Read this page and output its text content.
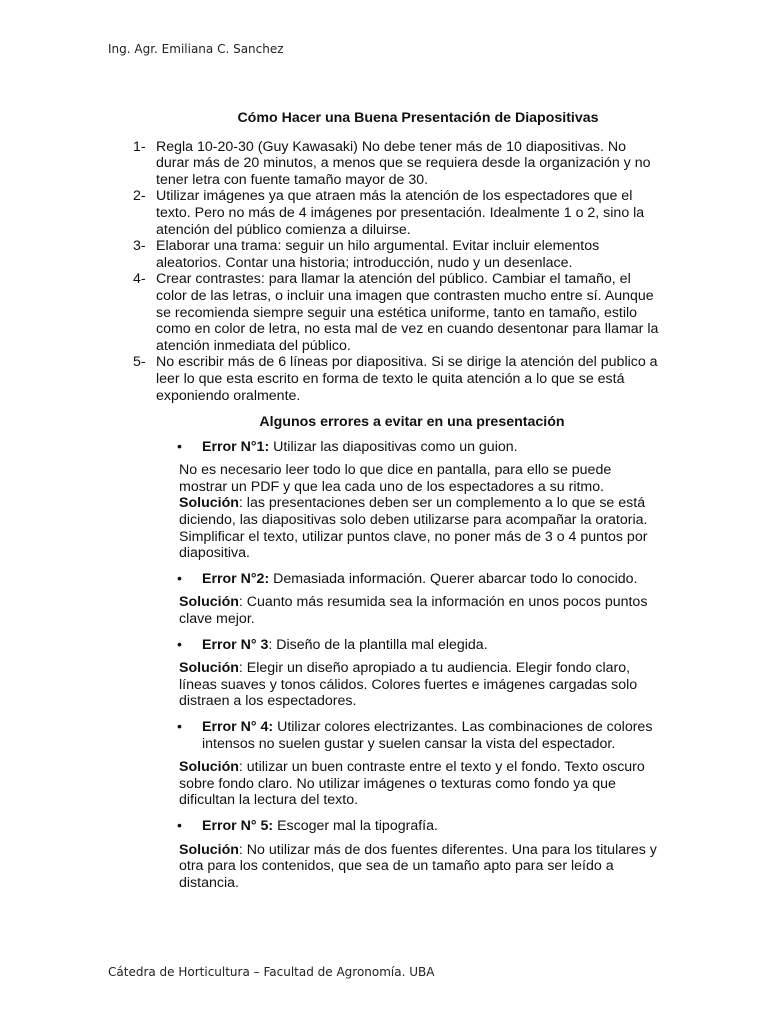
Ing. Agr. Emiliana C. Sanchez
Cómo Hacer una Buena Presentación de Diapositivas
1- Regla 10-20-30 (Guy Kawasaki) No debe tener más de 10 diapositivas. No durar más de 20 minutos, a menos que se requiera desde la organización y no tener letra con fuente tamaño mayor de 30.
2- Utilizar imágenes ya que atraen más la atención de los espectadores que el texto. Pero no más de 4 imágenes por presentación. Idealmente 1 o 2, sino la atención del público comienza a diluirse.
3- Elaborar una trama: seguir un hilo argumental. Evitar incluir elementos aleatorios. Contar una historia; introducción, nudo y un desenlace.
4- Crear contrastes: para llamar la atención del público. Cambiar el tamaño, el color de las letras, o incluir una imagen que contrasten mucho entre sí. Aunque se recomienda siempre seguir una estética uniforme, tanto en tamaño, estilo como en color de letra, no esta mal de vez en cuando desentonar para llamar la atención inmediata del público.
5- No escribir más de 6 líneas por diapositiva. Si se dirige la atención del publico a leer lo que esta escrito en forma de texto le quita atención a lo que se está exponiendo oralmente.
Algunos errores a evitar en una presentación
• Error N°1: Utilizar las diapositivas como un guion.
No es necesario leer todo lo que dice en pantalla, para ello se puede mostrar un PDF y que lea cada uno de los espectadores a su ritmo.
Solución: las presentaciones deben ser un complemento a lo que se está diciendo, las diapositivas solo deben utilizarse para acompañar la oratoria. Simplificar el texto, utilizar puntos clave, no poner más de 3 o 4 puntos por diapositiva.
• Error N°2: Demasiada información. Querer abarcar todo lo conocido.
Solución: Cuanto más resumida sea la información en unos pocos puntos clave mejor.
• Error N° 3: Diseño de la plantilla mal elegida.
Solución: Elegir un diseño apropiado a tu audiencia. Elegir fondo claro, líneas suaves y tonos cálidos. Colores fuertes e imágenes cargadas solo distraen a los espectadores.
• Error N° 4: Utilizar colores electrizantes. Las combinaciones de colores intensos no suelen gustar y suelen cansar la vista del espectador.
Solución: utilizar un buen contraste entre el texto y el fondo. Texto oscuro sobre fondo claro. No utilizar imágenes o texturas como fondo ya que dificultan la lectura del texto.
• Error N° 5: Escoger mal la tipografía.
Solución: No utilizar más de dos fuentes diferentes. Una para los titulares y otra para los contenidos, que sea de un tamaño apto para ser leído a distancia.
Cátedra de Horticultura – Facultad de Agronomía. UBA
